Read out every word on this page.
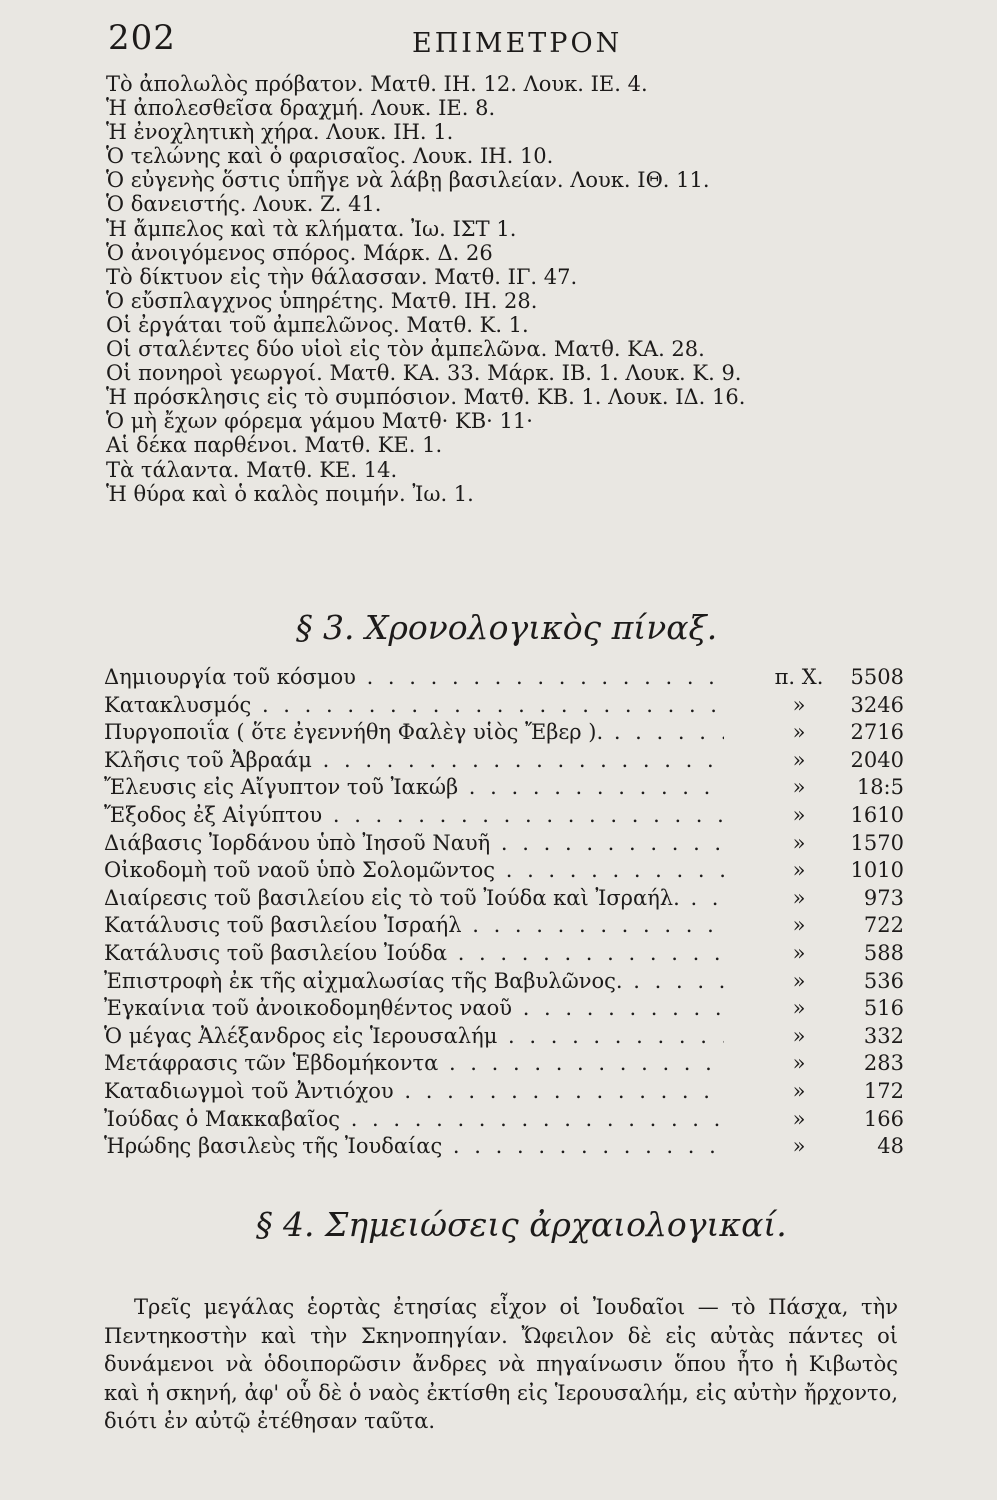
202	ΕΠΙΜΕΤΡΟΝ
Τὸ ἀπολωλὸς πρόβατον. Ματθ. ΙΗ. 12. Λουκ. ΙΕ. 4.
Ἡ ἀπολεσθεῖσα δραχμή. Λουκ. ΙΕ. 8.
Ἡ ἐνοχλητικὴ χήρα. Λουκ. ΙΗ. 1.
Ὁ τελώνης καὶ ὁ φαρισαῖος. Λουκ. ΙΗ. 10.
Ὁ εὐγενὴς ὅστις ὑπῆγε νὰ λάβῃ βασιλείαν. Λουκ. ΙΘ. 11.
Ὁ δανειστής. Λουκ. Ζ. 41.
Ἡ ἄμπελος καὶ τὰ κλήματα. Ἰω. ΙΣΤ 1.
Ὁ ἀνοιγόμενος σπόρος. Μάρκ. Δ. 26
Τὸ δίκτυον εἰς τὴν θάλασσαν. Ματθ. ΙΓ. 47.
Ὁ εὔσπλαγχνος ὑπηρέτης. Ματθ. ΙΗ. 28.
Οἱ ἐργάται τοῦ ἀμπελῶνος. Ματθ. Κ. 1.
Οἱ σταλέντες δύο υἱοὶ εἰς τὸν ἀμπελῶνα. Ματθ. ΚΑ. 28.
Οἱ πονηροὶ γεωργοί. Ματθ. ΚΑ. 33. Μάρκ. ΙΒ. 1. Λουκ. Κ. 9.
Ἡ πρόσκλησις εἰς τὸ συμπόσιον. Ματθ. ΚΒ. 1. Λουκ. ΙΔ. 16.
Ὁ μὴ ἔχων φόρεμα γάμου Ματθ· ΚΒ· 11·
Αἱ δέκα παρθένοι. Ματθ. ΚΕ. 1.
Τὰ τάλαντα. Ματθ. ΚΕ. 14.
Ἡ θύρα καὶ ὁ καλὸς ποιμήν. Ἰω. 1.
§ 3. Χρονολογικὸς πίναξ.
Δημιουργία τοῦ κόσμου . . .	π. Χ.	5508
Κατακλυσμός . . .	»	3246
Πυργοποιΐα ( ὅτε ἐγεννήθη Φαλὲγ υἱὸς Ἔβερ ). . . .	»	2716
Κλῆσις τοῦ Ἀβραάμ . . .	»	2040
Ἔλευσις εἰς Αἴγυπτον τοῦ Ἰακώβ . . .	»	18:5
Ἔξοδος ἐξ Αἰγύπτου . . .	»	1610
Διάβασις Ἰορδάνου ὑπὸ Ἰησοῦ Ναυῆ . . .	»	1570
Οἰκοδομὴ τοῦ ναοῦ ὑπὸ Σολομῶντος . . .	»	1010
Διαίρεσις τοῦ βασιλείου εἰς τὸ τοῦ Ἰούδα καὶ Ἰσραήλ. . . .	»	973
Κατάλυσις τοῦ βασιλείου Ἰσραήλ . . .	»	722
Κατάλυσις τοῦ βασιλείου Ἰούδα . . .	»	588
Ἐπιστροφὴ ἐκ τῆς αἰχμαλωσίας τῆς Βαβυλῶνος. . . .	»	536
Ἐγκαίνια τοῦ ἀνοικοδομηθέντος ναοῦ . . .	»	516
Ὁ μέγας Ἀλέξανδρος εἰς Ἱερουσαλήμ . . .	»	332
Μετάφρασις τῶν Ἑβδομήκοντα . . .	»	283
Καταδιωγμοὶ τοῦ Ἀντιόχου . . .	»	172
Ἰούδας ὁ Μακκαβαῖος . . .	»	166
Ἡρώδης βασιλεὺς τῆς Ἰουδαίας . . .	»	48
§ 4. Σημειώσεις ἀρχαιολογικαί.

Τρεῖς μεγάλας ἑορτὰς ἐτησίας εἶχον οἱ Ἰουδαῖοι — τὸ Πάσχα, τὴν Πεντηκοστὴν καὶ τὴν Σκηνοπηγίαν. Ὤφειλον δὲ εἰς αὐτὰς πάντες οἱ δυνάμενοι νὰ ὁδοιπορῶσιν ἄνδρες νὰ πηγαίνωσιν ὅπου ἦτο ἡ Κιβωτὸς καὶ ἡ σκηνή, ἀφ' οὗ δὲ ὁ ναὸς ἐκτίσθη εἰς Ἱερουσαλήμ, εἰς αὐτὴν ἤρχοντο, διότι ἐν αὐτῷ ἐτέθησαν ταῦτα.
